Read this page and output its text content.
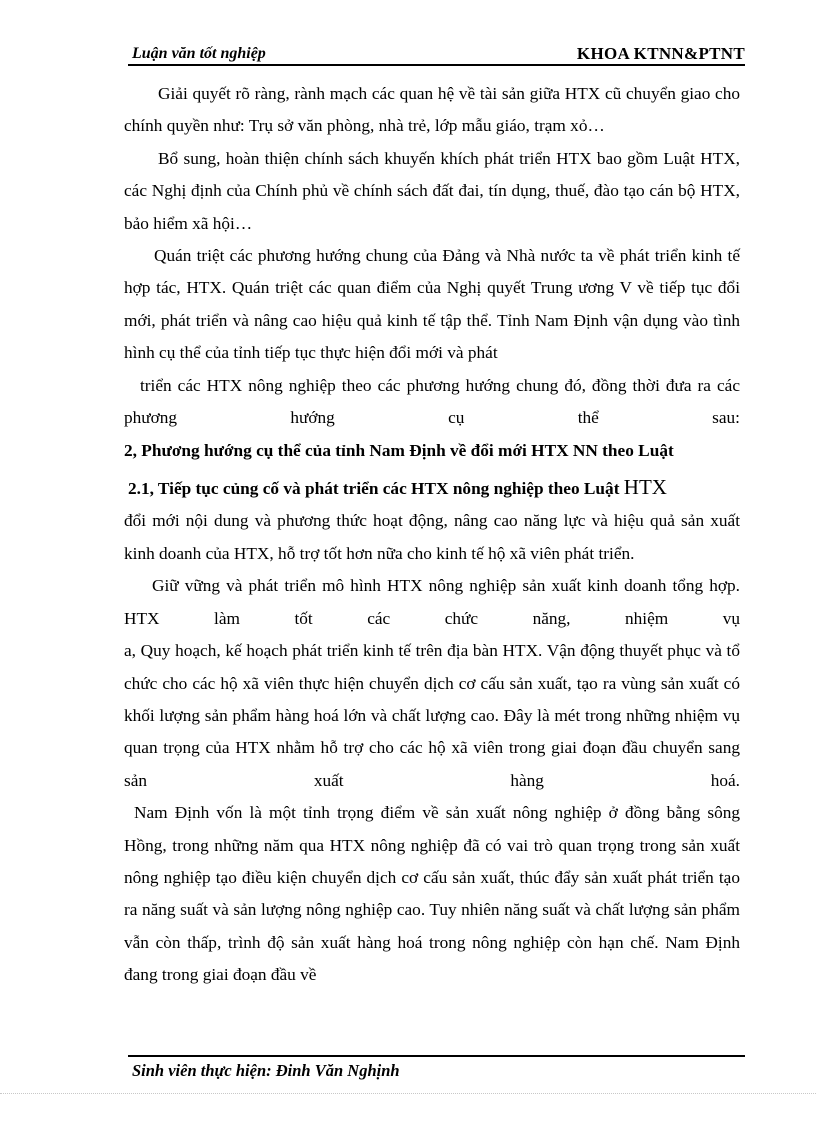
Luận văn tốt nghiệp	KHOA KTNN&PTNT

Giải quyết rõ ràng, rành mạch các quan hệ về tài sản giữa HTX cũ chuyển giao cho chính quyền như: Trụ sở văn phòng, nhà trẻ, lớp mẫu giáo, trạm xỏ…

Bổ sung, hoàn thiện chính sách khuyến khích phát triển HTX bao gồm Luật HTX, các Nghị định của Chính phủ về chính sách đất đai, tín dụng, thuế, đào tạo cán bộ HTX, bảo hiểm xã hội…

Quán triệt các phương hướng chung của Đảng và Nhà nước ta về phát triển kinh tế hợp tác, HTX. Quán triệt các quan điểm của Nghị quyết Trung ương V về tiếp tục đổi mới, phát triển và nâng cao hiệu quả kinh tế tập thể. Tỉnh Nam Định vận dụng vào tình hình cụ thể của tỉnh tiếp tục thực hiện đổi mới và phát

triển các HTX nông nghiệp theo các phương hướng chung đó, đồng thời đưa ra các phương hướng cụ thể sau:

2, Phương hướng cụ thể của tỉnh Nam Định về đổi mới HTX NN theo Luật

2.1, Tiếp tục củng cố và phát triển các HTX nông nghiệp theo Luật HTX

đổi mới nội dung và phương thức hoạt động, nâng cao năng lực và hiệu quả sản xuất kinh doanh của HTX, hỗ trợ tốt hơn nữa cho kinh tế hộ xã viên phát triển.

Giữ vững và phát triển mô hình HTX nông nghiệp sản xuất kinh doanh tổng hợp. HTX làm tốt các chức năng, nhiệm vụ

a, Quy hoạch, kế hoạch phát triển kinh tế trên địa bàn HTX. Vận động thuyết phục và tổ chức cho các hộ xã viên thực hiện chuyển dịch cơ cấu sản xuất, tạo ra vùng sản xuất có khối lượng sản phẩm hàng hoá lớn và chất lượng cao. Đây là mét trong những nhiệm vụ quan trọng của HTX nhằm hỗ trợ cho các hộ xã viên trong giai đoạn đầu chuyển sang sản xuất hàng hoá.

Nam Định vốn là một tỉnh trọng điểm về sản xuất nông nghiệp ở đồng bằng sông Hồng, trong những năm qua HTX nông nghiệp đã có vai trò quan trọng trong sản xuất nông nghiệp tạo điều kiện chuyển dịch cơ cấu sản xuất, thúc đẩy sản xuất phát triển tạo ra năng suất và sản lượng nông nghiệp cao. Tuy nhiên năng suất và chất lượng sản phẩm vẫn còn thấp, trình độ sản xuất hàng hoá trong nông nghiệp còn hạn chế. Nam Định đang trong giai đoạn đầu về

Sinh viên thực hiện: Đinh Văn Nghịnh
